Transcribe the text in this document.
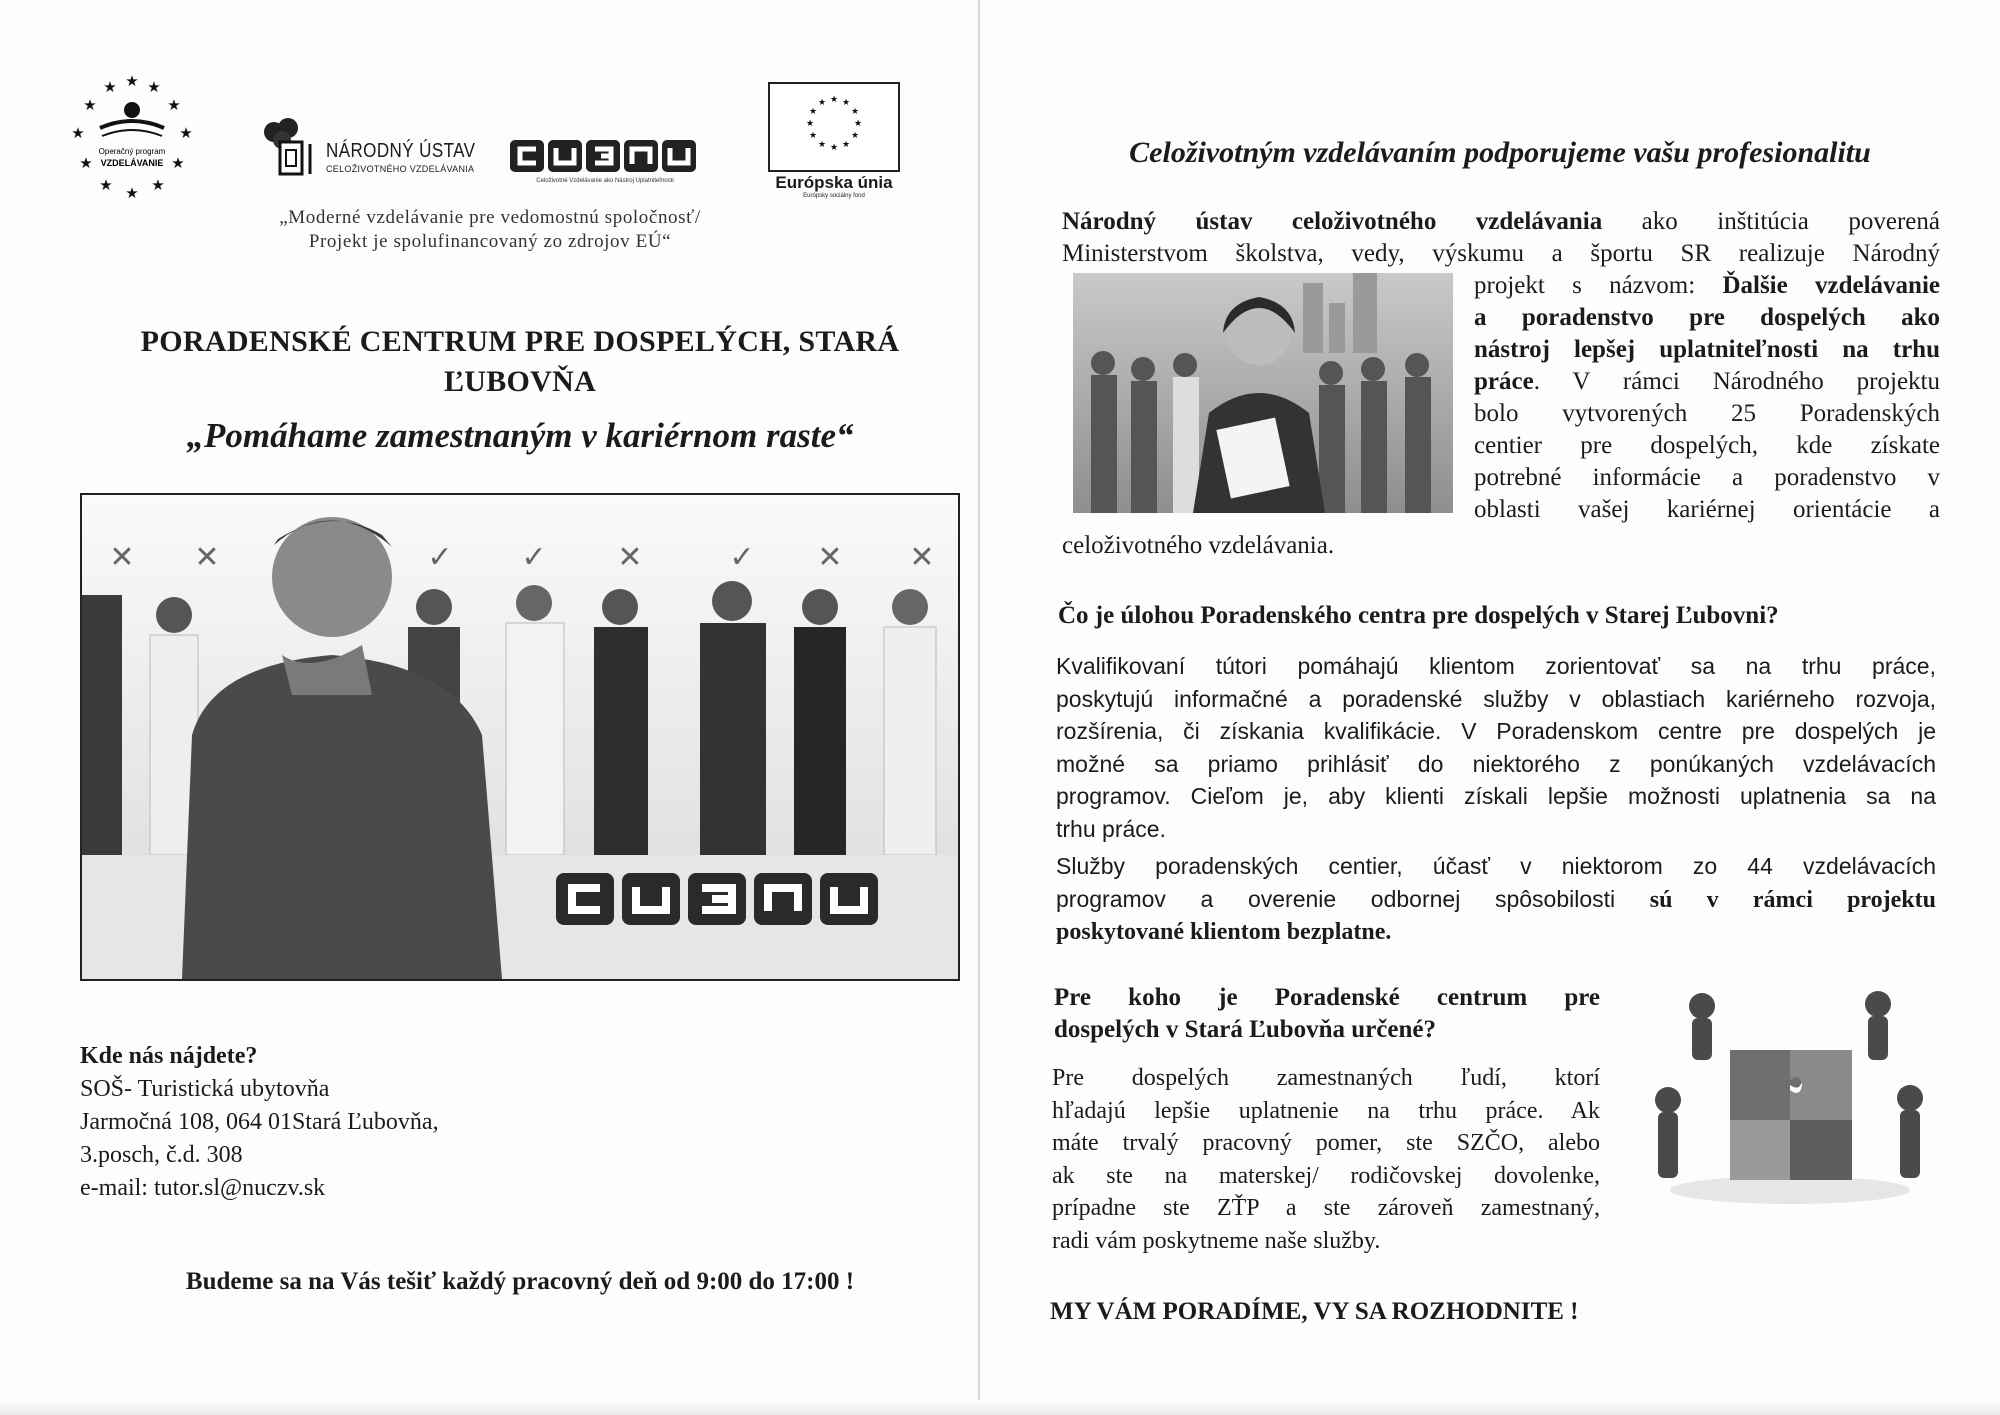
★
★ ★
★	★
★	★
★	★
★	★
★
Operačný program
VZDELÁVANIE
NÁRODNÝ ÚSTAV
CELOŽIVOTNÉHO VZDELÁVANIA
Celoživotné Vzdelávanie ako Nástroj Uplatniteľnosti
★ ★
★
★
★
★
★
★
★
★
★
★
Európska únia
Európsky sociálny fond
„Moderné vzdelávanie pre vedomostnú spoločnosť/
Projekt je spolufinancovaný zo zdrojov EÚ“
PORADENSKÉ CENTRUM PRE DOSPELÝCH, STARÁ
ĽUBOVŇA
„Pomáhame zamestnaným v kariérnom raste“
✕ ✕	✓ ✓ ✕	✓ ✕ ✕
Kde nás nájdete?
SOŠ- Turistická ubytovňa
Jarmočná 108, 064 01Stará Ľubovňa,
3.posch, č.d. 308
e-mail: tutor.sl@nuczv.sk
Budeme sa na Vás tešiť každý pracovný deň od 9:00 do 17:00 !
Celoživotným vzdelávaním podporujeme vašu profesionalitu
Národný ústav celoživotného vzdelávania ako inštitúcia poverená
Ministerstvom školstva, vedy, výskumu a športu SR realizuje Národný
projekt s názvom: Ďalšie vzdelávanie
a poradenstvo pre dospelých ako
nástroj lepšej uplatniteľnosti na trhu
práce. V rámci Národného projektu
bolo vytvorených 25 Poradenských
centier pre dospelých, kde získate
potrebné informácie a poradenstvo v
oblasti vašej kariérnej orientácie a
celoživotného vzdelávania.
Čo je úlohou Poradenského centra pre dospelých v Starej Ľubovni?
Kvalifikovaní tútori pomáhajú klientom zorientovať sa na trhu práce,
poskytujú informačné a poradenské služby v oblastiach kariérneho rozvoja,
rozšírenia, či získania kvalifikácie. V Poradenskom centre pre dospelých je
možné sa priamo prihlásiť do niektorého z ponúkaných vzdelávacích
programov. Cieľom je, aby klienti získali lepšie možnosti uplatnenia sa na
trhu práce.
Služby poradenských centier, účasť v niektorom zo 44 vzdelávacích
programov a overenie odbornej spôsobilosti sú v rámci projektu
poskytované klientom bezplatne.
Pre koho je Poradenské centrum pre
dospelých v Stará Ľubovňa určené?
Pre dospelých zamestnaných ľudí, ktorí
hľadajú lepšie uplatnenie na trhu práce. Ak
máte trvalý pracovný pomer, ste SZČO, alebo
ak ste na materskej/ rodičovskej dovolenke,
prípadne ste ZŤP a ste zároveň zamestnaný,
radi vám poskytneme naše služby.
MY VÁM PORADÍME, VY SA ROZHODNITE !
